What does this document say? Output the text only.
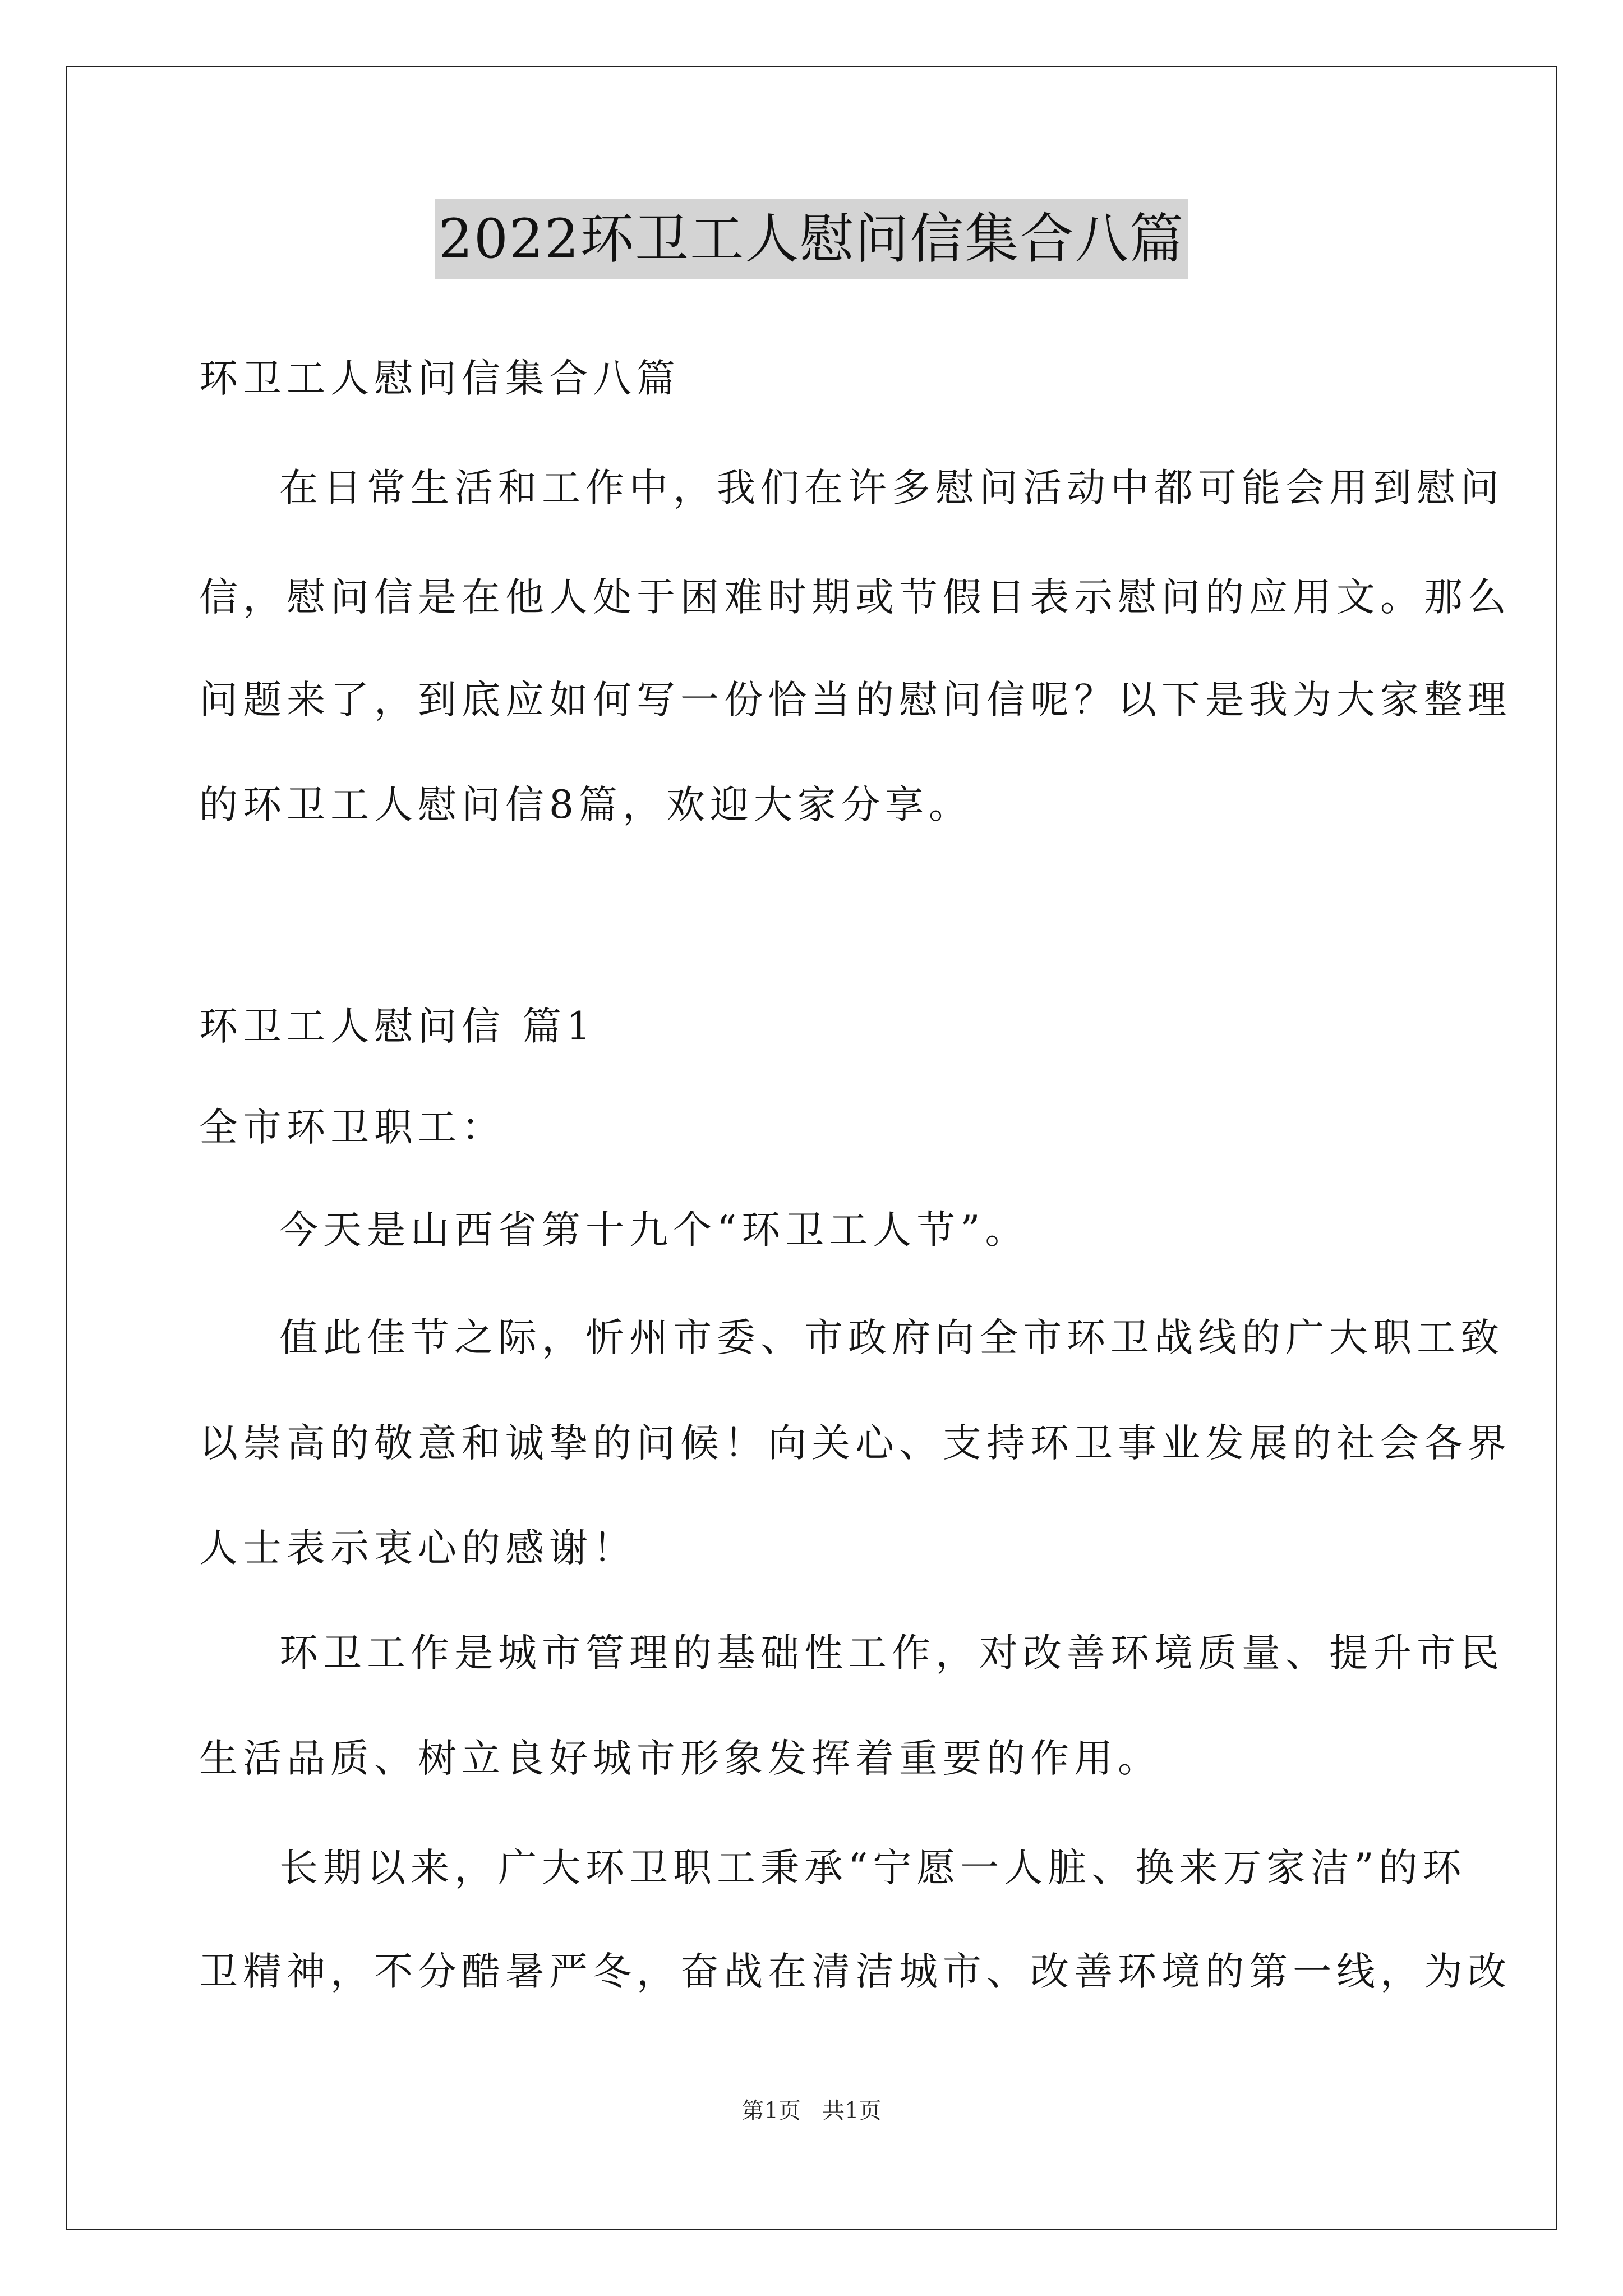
2022环卫工人慰问信集合八篇
环卫工人慰问信集合八篇
在日常生活和工作中，我们在许多慰问活动中都可能会用到慰问
信，慰问信是在他人处于困难时期或节假日表示慰问的应用文。那么
问题来了，到底应如何写一份恰当的慰问信呢？以下是我为大家整理
的环卫工人慰问信8篇，欢迎大家分享。
环卫工人慰问信 篇1
全市环卫职工：
今天是山西省第十九个“环卫工人节”。
值此佳节之际，忻州市委、市政府向全市环卫战线的广大职工致
以崇高的敬意和诚挚的问候！向关心、支持环卫事业发展的社会各界
人士表示衷心的感谢！
环卫工作是城市管理的基础性工作，对改善环境质量、提升市民
生活品质、树立良好城市形象发挥着重要的作用。
长期以来，广大环卫职工秉承“宁愿一人脏、换来万家洁”的环
卫精神，不分酷暑严冬，奋战在清洁城市、改善环境的第一线，为改
第1页   共1页
